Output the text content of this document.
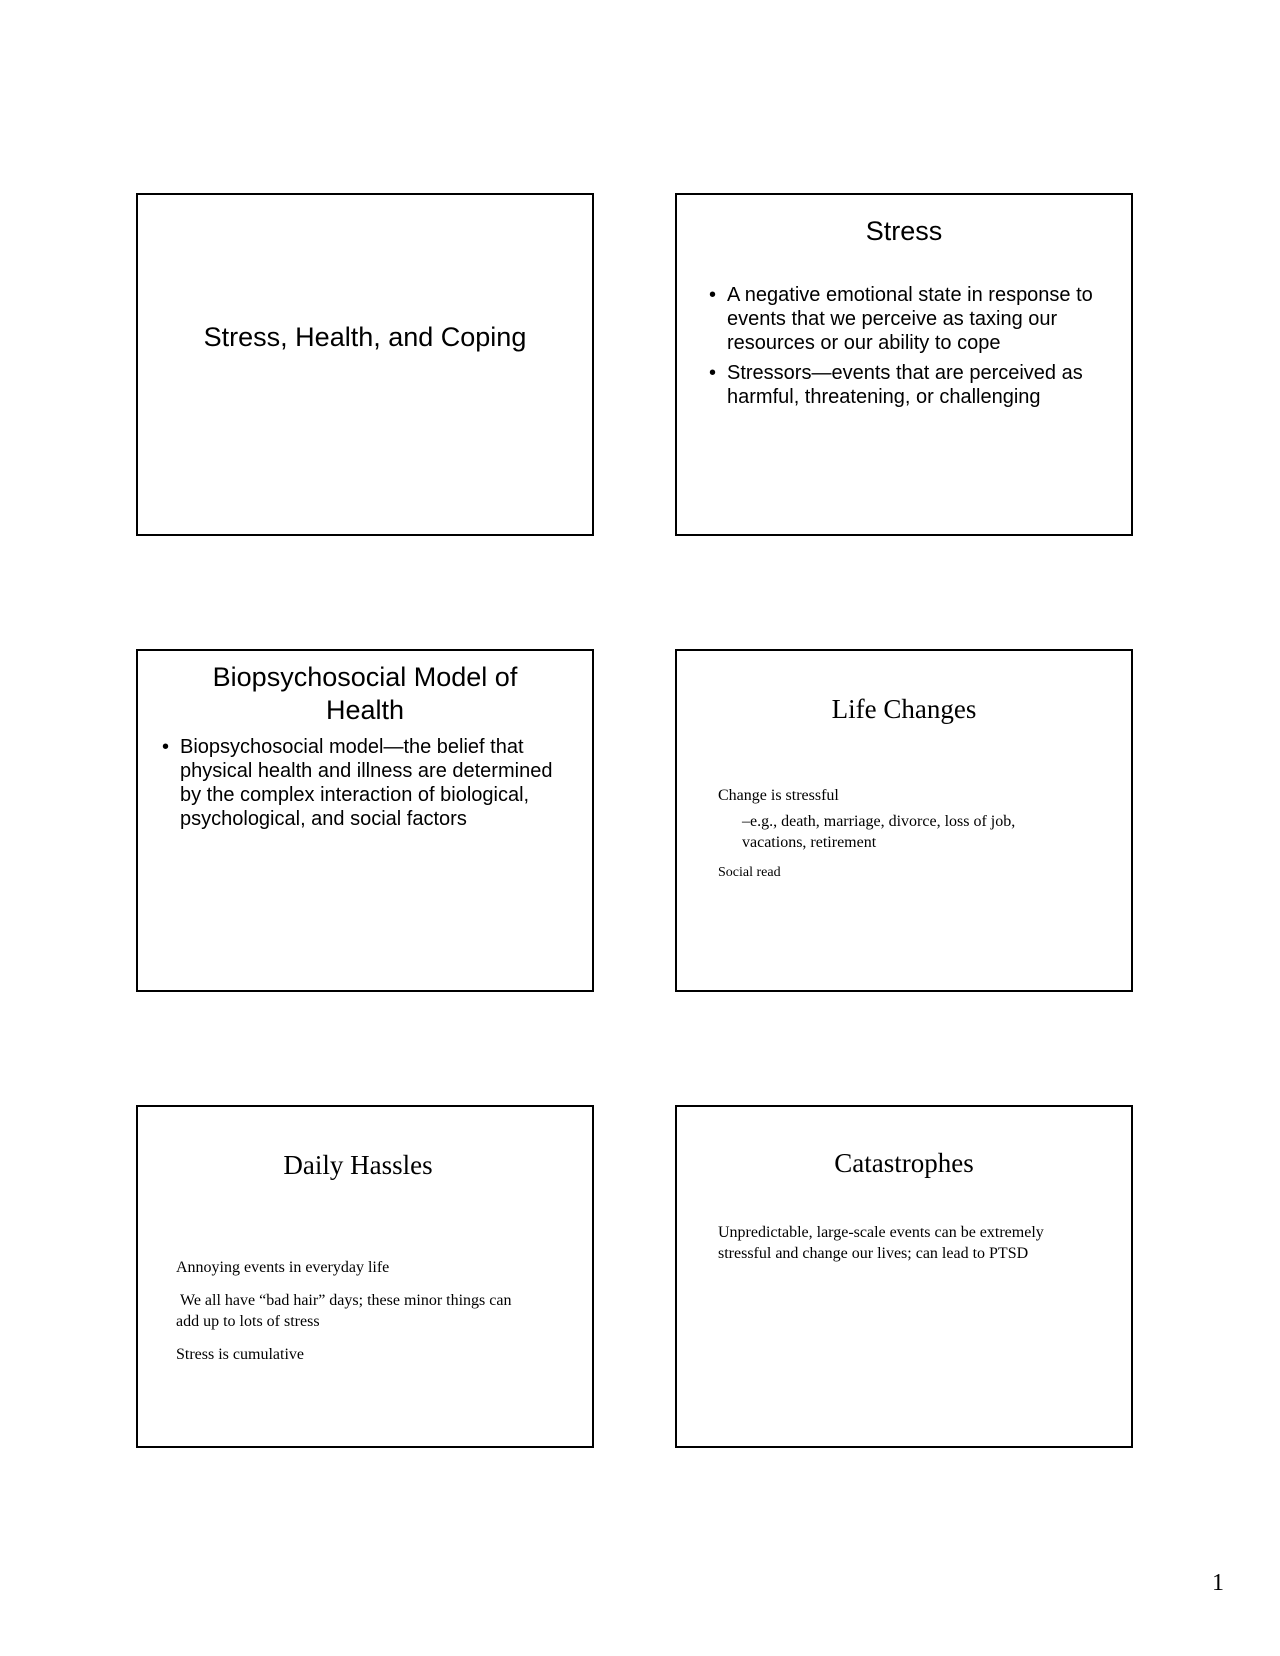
Stress, Health, and Coping
Stress
• A negative emotional state in response to events that we perceive as taxing our resources or our ability to cope
• Stressors—events that are perceived as harmful, threatening, or challenging
Biopsychosocial Model of
Health
• Biopsychosocial model—the belief that physical health and illness are determined by the complex interaction of biological, psychological, and social factors
Life Changes

Change is stressful

–e.g., death, marriage, divorce, loss of job, vacations, retirement

Social read

Daily Hassles

Annoying events in everyday life

We all have “bad hair” days; these minor things can add up to lots of stress

Stress is cumulative

Catastrophes

Unpredictable, large-scale events can be extremely stressful and change our lives; can lead to PTSD

1
